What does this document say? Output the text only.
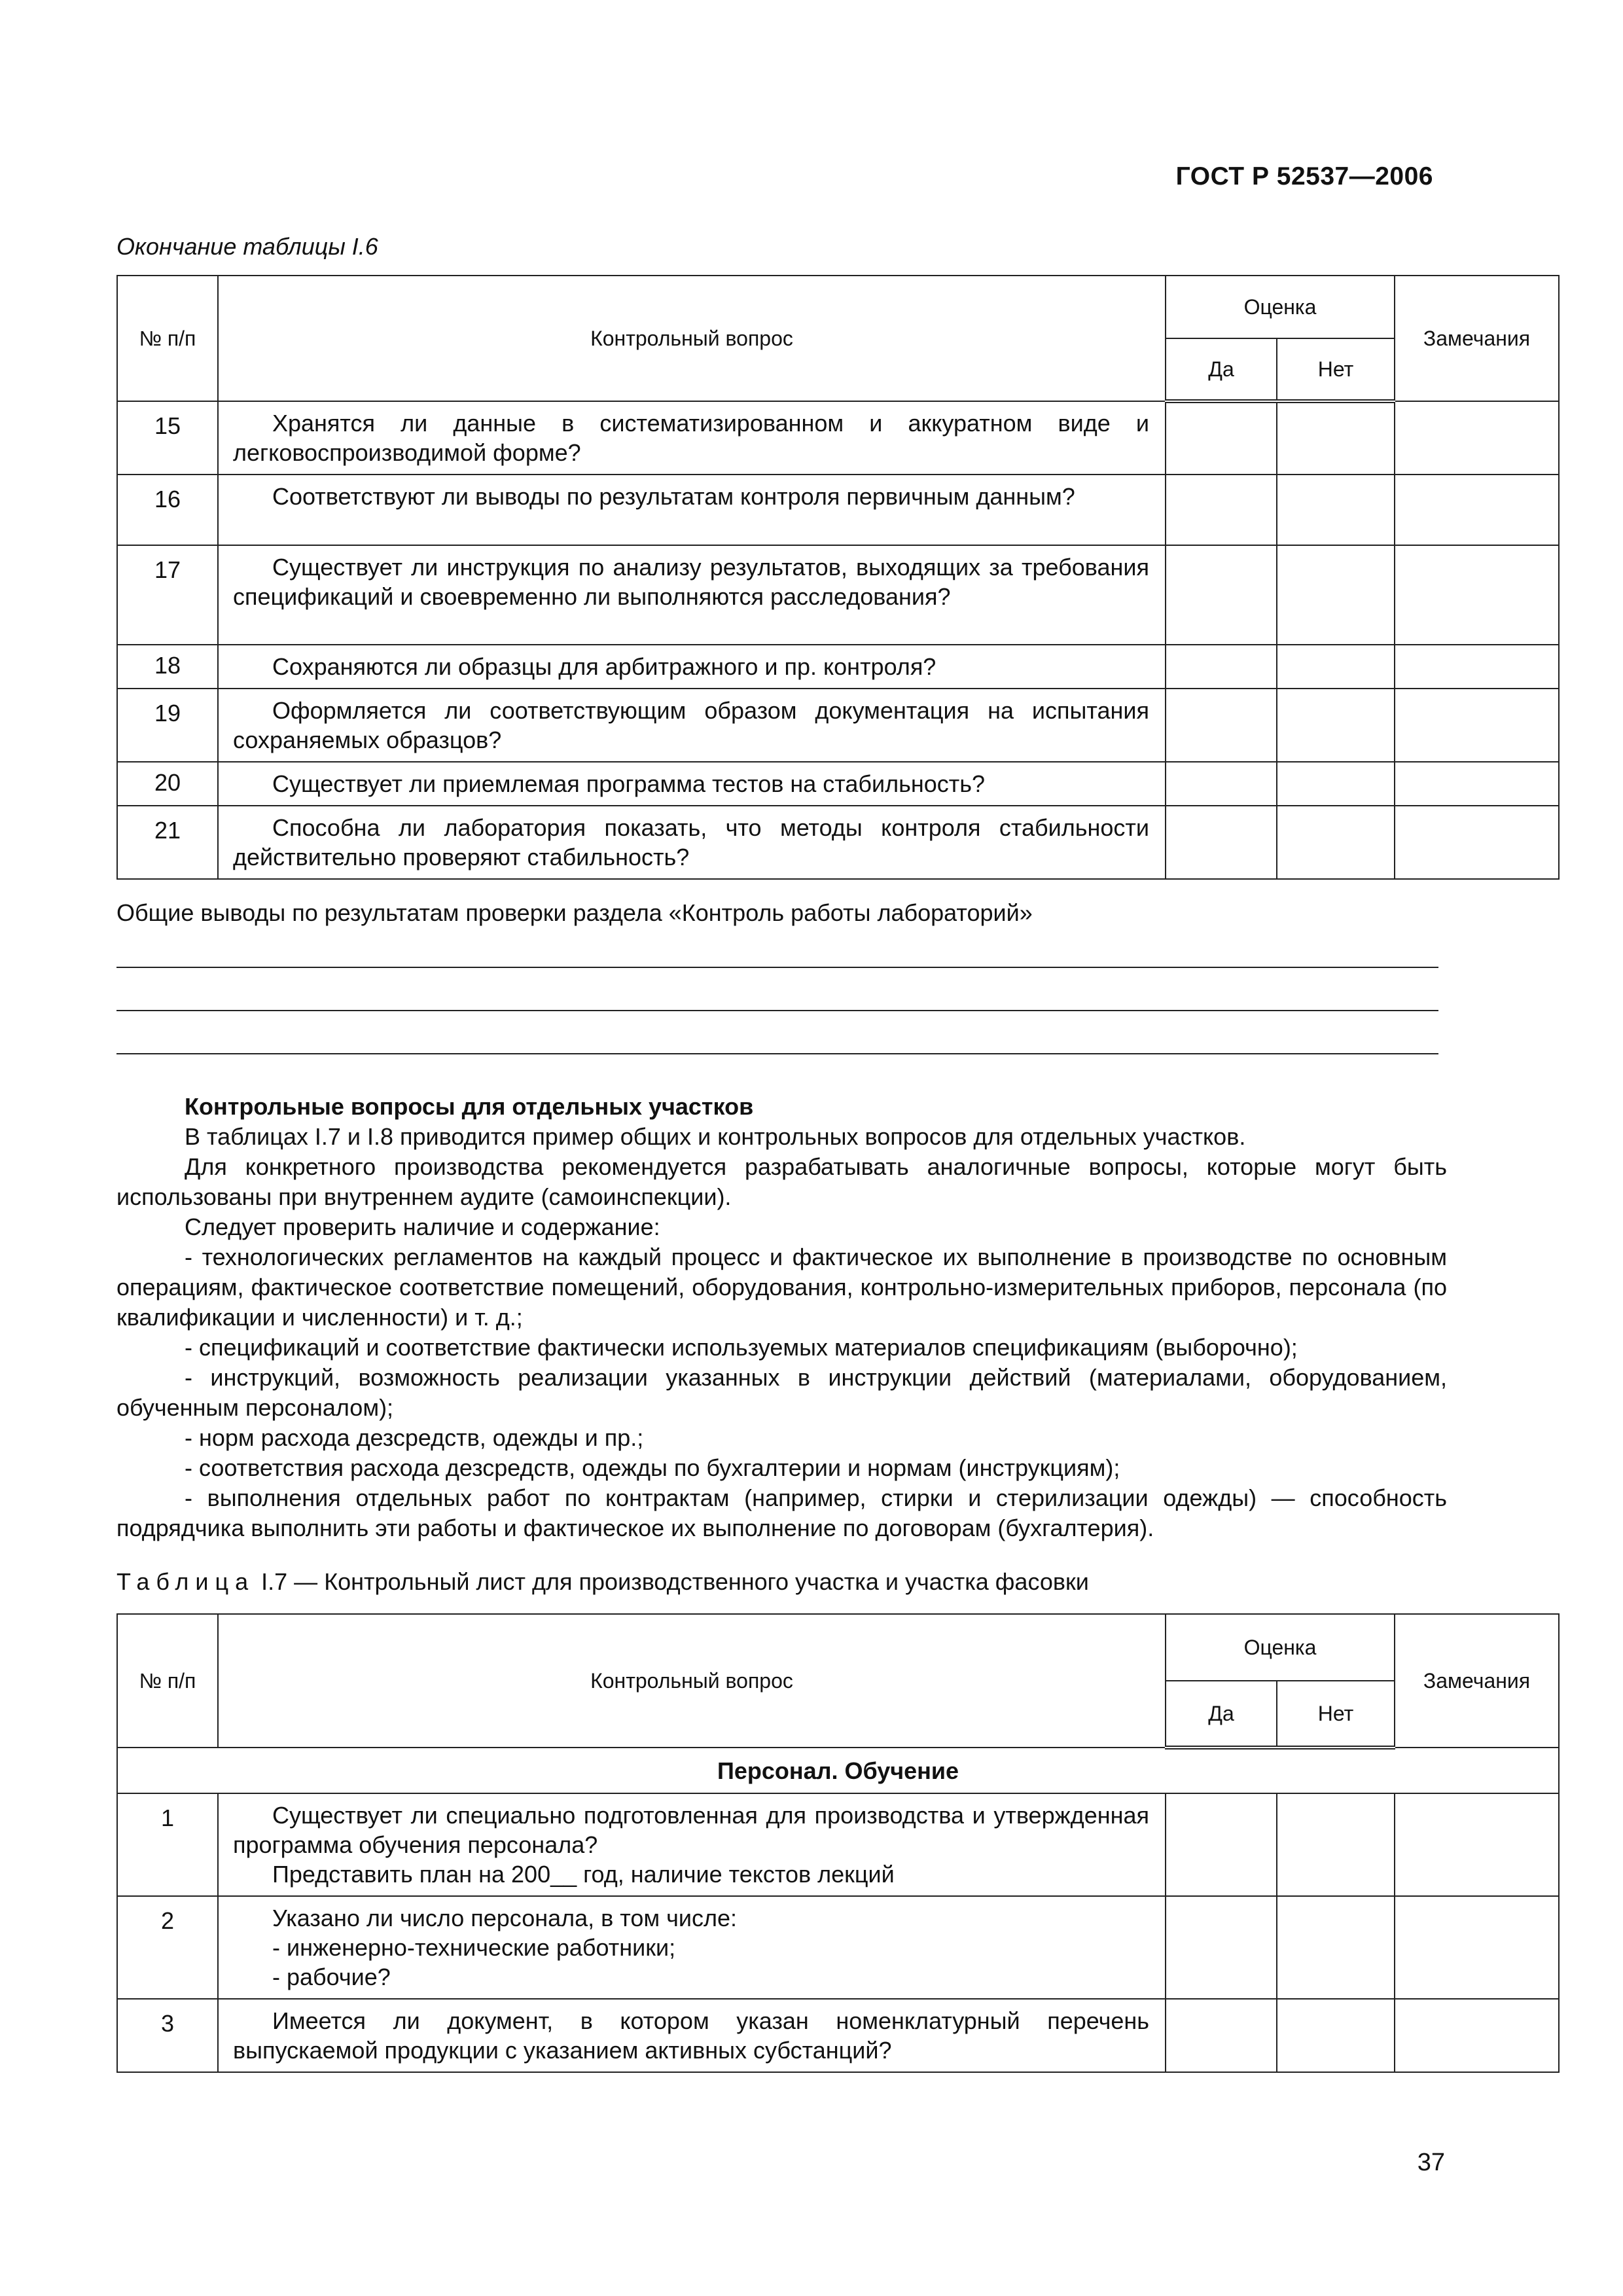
ГОСТ Р 52537—2006
Окончание таблицы I.6
№ п/п	Контрольный вопрос	Оценка		Замечания
		Да	Нет	
15	Хранятся ли данные в систематизированном и аккуратном виде и легковоспроизводимой форме?			

16	Соответствуют ли выводы по результатам контроля первичным данным?			

17	Существует ли инструкция по анализу результатов, выходящих за требования спецификаций и своевременно ли выполняются расследования?			

18	Сохраняются ли образцы для арбитражного и пр. контроля?			

19	Оформляется ли соответствующим образом документация на испытания сохраняемых образцов?			

20	Существует ли приемлемая программа тестов на стабильность?			

21	Способна ли лаборатория показать, что методы контроля стабильности действительно проверяют стабильность?			

Общие выводы по результатам проверки раздела «Контроль работы лабораторий»

Контрольные вопросы для отдельных участков

В таблицах I.7 и I.8 приводится пример общих и контрольных вопросов для отдельных участков.

Для конкретного производства рекомендуется разрабатывать аналогичные вопросы, которые могут быть использованы при внутреннем аудите (самоинспекции).

Следует проверить наличие и содержание:

- технологических регламентов на каждый процесс и фактическое их выполнение в производстве по основным операциям, фактическое соответствие помещений, оборудования, контрольно-измерительных приборов, персонала (по квалификации и численности) и т. д.;

- спецификаций и соответствие фактически используемых материалов спецификациям (выборочно);

- инструкций, возможность реализации указанных в инструкции действий (материалами, оборудованием, обученным персоналом);

- норм расхода дезсредств, одежды и пр.;

- соответствия расхода дезсредств, одежды по бухгалтерии и нормам (инструкциям);

- выполнения отдельных работ по контрактам (например, стирки и стерилизации одежды) — способность подрядчика выполнить эти работы и фактическое их выполнение по договорам (бухгалтерия).

Таблица I.7 — Контрольный лист для производственного участка и участка фасовки
№ п/п	Контрольный вопрос	Оценка		Замечания
		Да	Нет	
Персонал. Обучение				
1	Существует ли специально подготовленная для производства и утвержденная программа обучения персонала?
Представить план на 200__ год, наличие текстов лекций			

2	Указано ли число персонала, в том числе:
- инженерно-технические работники;
- рабочие?			

3	Имеется ли документ, в котором указан номенклатурный перечень выпускаемой продукции с указанием активных субстанций?			

37
